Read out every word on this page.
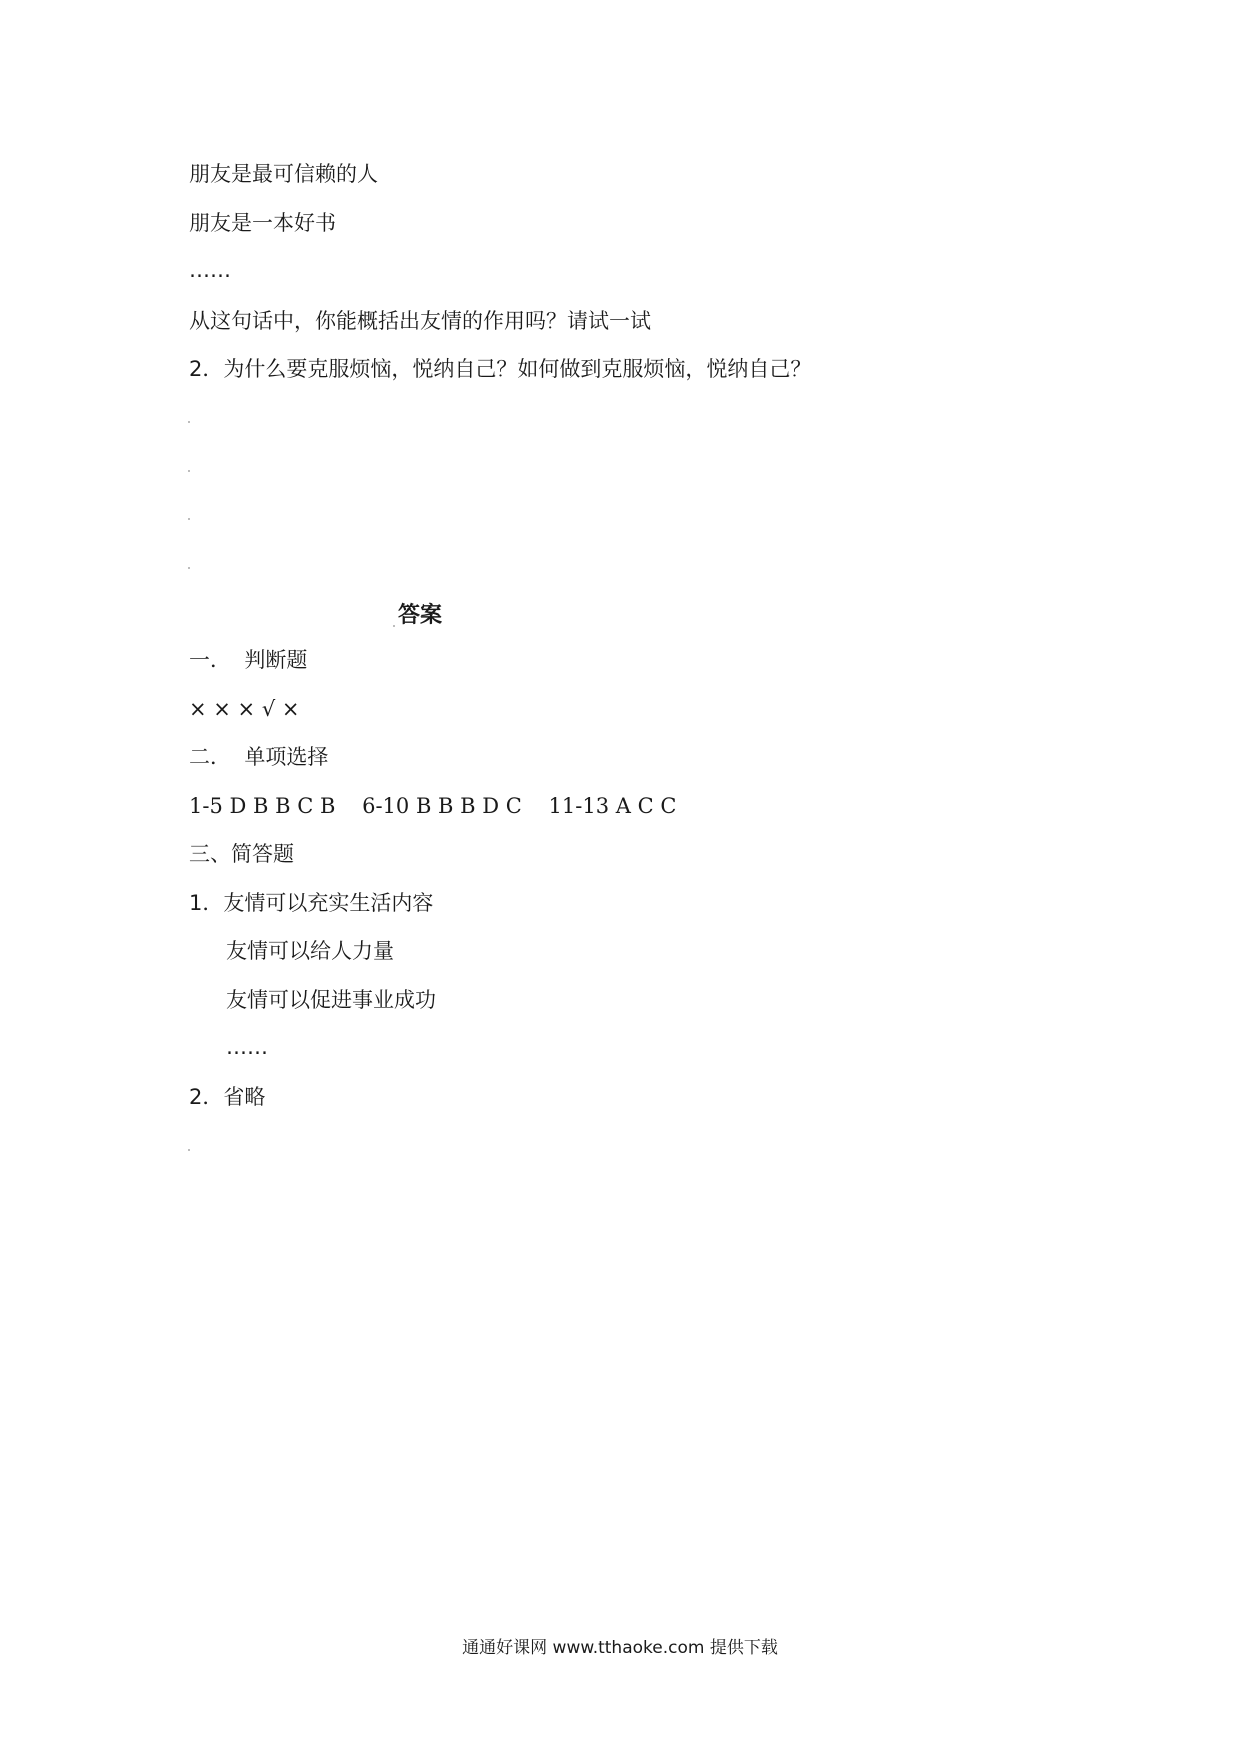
朋友是最可信赖的人
朋友是一本好书
……
从这句话中，你能概括出友情的作用吗？请试一试
2．为什么要克服烦恼，悦纳自己？如何做到克服烦恼，悦纳自己？
答案
一．  判断题
× × × √ ×
二．  单项选择
1-5 D B B C B    6-10 B B B D C    11-13 A C C
三、简答题
1．友情可以充实生活内容
友情可以给人力量
友情可以促进事业成功
……
2．省略
通通好课网 www.tthaoke.com 提供下载
